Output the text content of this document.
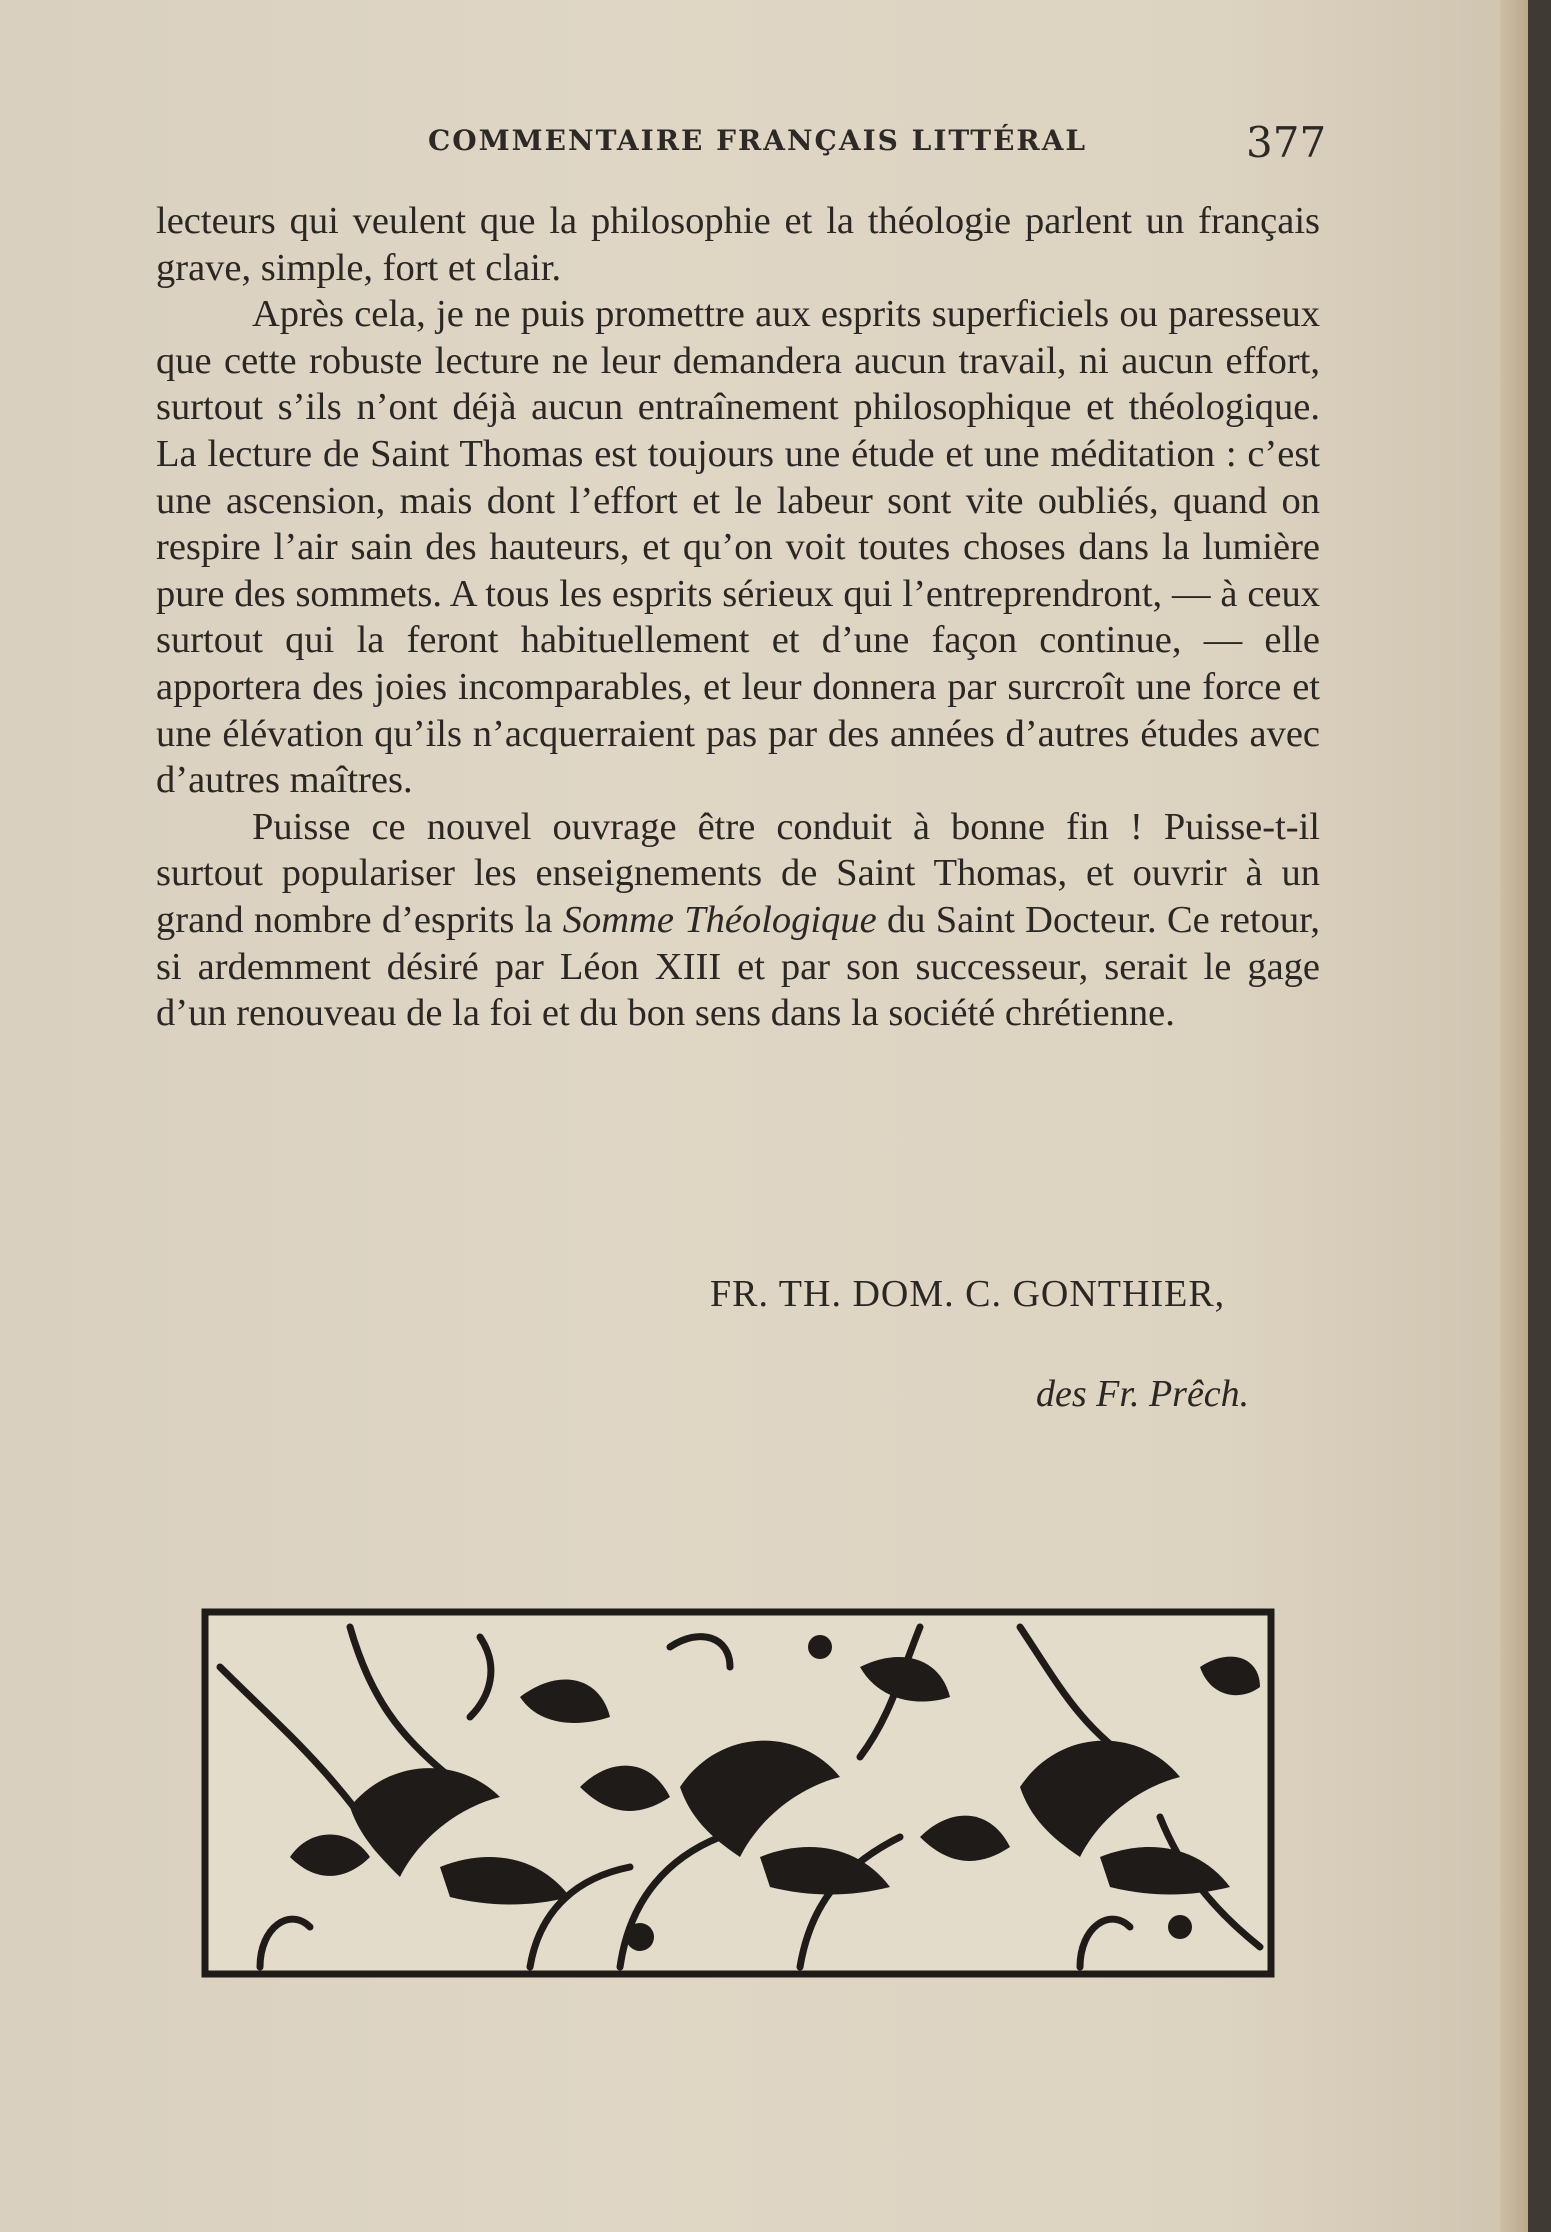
COMMENTAIRE FRANÇAIS LITTÉRAL	377

lecteurs qui veulent que la philosophie et la théologie parlent un français grave, simple, fort et clair.

Après cela, je ne puis promettre aux esprits superficiels ou paresseux que cette robuste lecture ne leur demandera aucun travail, ni aucun effort, surtout s’ils n’ont déjà aucun entraînement philosophique et théologique. La lecture de Saint Thomas est toujours une étude et une méditation : c’est une ascension, mais dont l’effort et le labeur sont vite oubliés, quand on respire l’air sain des hauteurs, et qu’on voit toutes choses dans la lumière pure des sommets. A tous les esprits sérieux qui l’entreprendront, — à ceux surtout qui la feront habituellement et d’une façon continue, — elle apportera des joies incomparables, et leur donnera par surcroît une force et une élévation qu’ils n’acquerraient pas par des années d’autres études avec d’autres maîtres.

Puisse ce nouvel ouvrage être conduit à bonne fin ! Puisse-t-il surtout populariser les enseignements de Saint Thomas, et ouvrir à un grand nombre d’esprits la Somme Théologique du Saint Docteur. Ce retour, si ardemment désiré par Léon XIII et par son successeur, serait le gage d’un renouveau de la foi et du bon sens dans la société chrétienne.

FR. TH. DOM. C. GONTHIER,
des Fr. Prêch.
